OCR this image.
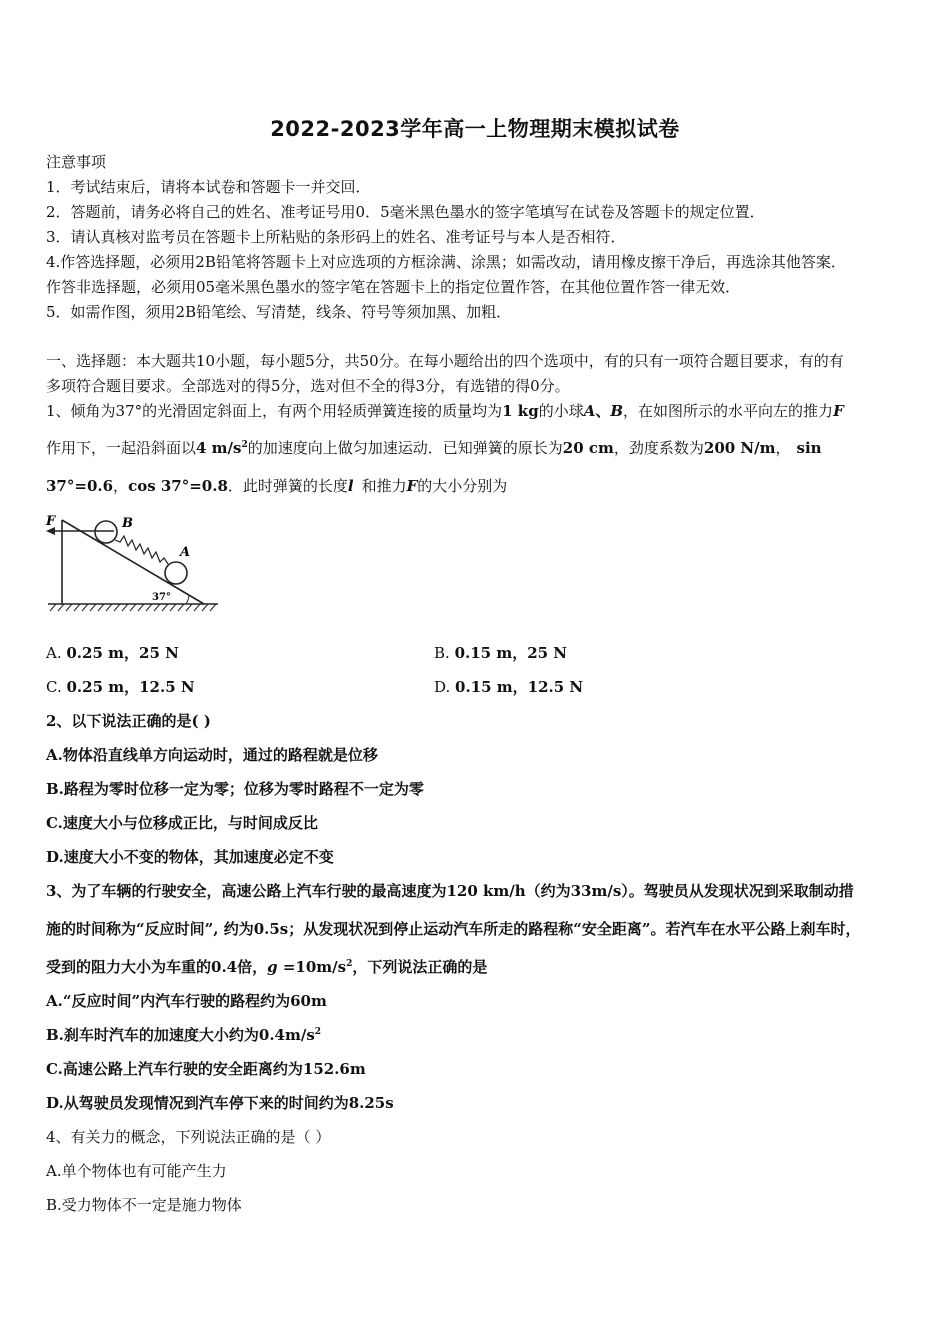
2022-2023学年高一上物理期末模拟试卷
注意事项
1．考试结束后，请将本试卷和答题卡一并交回．
2．答题前，请务必将自己的姓名、准考证号用0．5毫米黑色墨水的签字笔填写在试卷及答题卡的规定位置．
3．请认真核对监考员在答题卡上所粘贴的条形码上的姓名、准考证号与本人是否相符．
4.作答选择题，必须用2B铅笔将答题卡上对应选项的方框涂满、涂黑；如需改动，请用橡皮擦干净后，再选涂其他答案．
作答非选择题，必须用05毫米黑色墨水的签字笔在答题卡上的指定位置作答，在其他位置作答一律无效．
5．如需作图，须用2B铅笔绘、写清楚，线条、符号等须加黑、加粗．
一、选择题：本大题共10小题，每小题5分，共50分。在每小题给出的四个选项中，有的只有一项符合题目要求，有的有
多项符合题目要求。全部选对的得5分，选对但不全的得3分，有选错的得0分。
1、倾角为37°的光滑固定斜面上，有两个用轻质弹簧连接的质量均为1 kg的小球A、B，在如图所示的水平向左的推力F
作用下，一起沿斜面以4 $m/s^2$的加速度向上做匀加速运动．已知弹簧的原长为20 cm，劲度系数为200 N/m， sin
37°=0.6，cos 37°=0.8．此时弹簧的长度l 和推力F的大小分别为
37°
B
F
A
A. 0.25 m，25 N	B. 0.15 m，25 N
C. 0.25 m，12.5 N	D. 0.15 m，12.5 N
2、以下说法正确的是( )
A.物体沿直线单方向运动时，通过的路程就是位移
B.路程为零时位移一定为零；位移为零时路程不一定为零
C.速度大小与位移成正比，与时间成反比
D.速度大小不变的物体，其加速度必定不变
3、为了车辆的行驶安全，高速公路上汽车行驶的最高速度为120 km/h（约为33m/s）。驾驶员从发现状况到采取制动措
施的时间称为“反应时间”, 约为0.5s；从发现状况到停止运动汽车所走的路程称“安全距离”。若汽车在水平公路上刹车时，
受到的阻力大小为车重的0.4倍，$g =10m/s^2$，下列说法正确的是
A.“反应时间”内汽车行驶的路程约为60m
B.刹车时汽车的加速度大小约为$0.4m/s^2$
C.高速公路上汽车行驶的安全距离约为152.6m
D.从驾驶员发现情况到汽车停下来的时间约为8.25s
4、有关力的概念，下列说法正确的是（ ）
A.单个物体也有可能产生力
B.受力物体不一定是施力物体
